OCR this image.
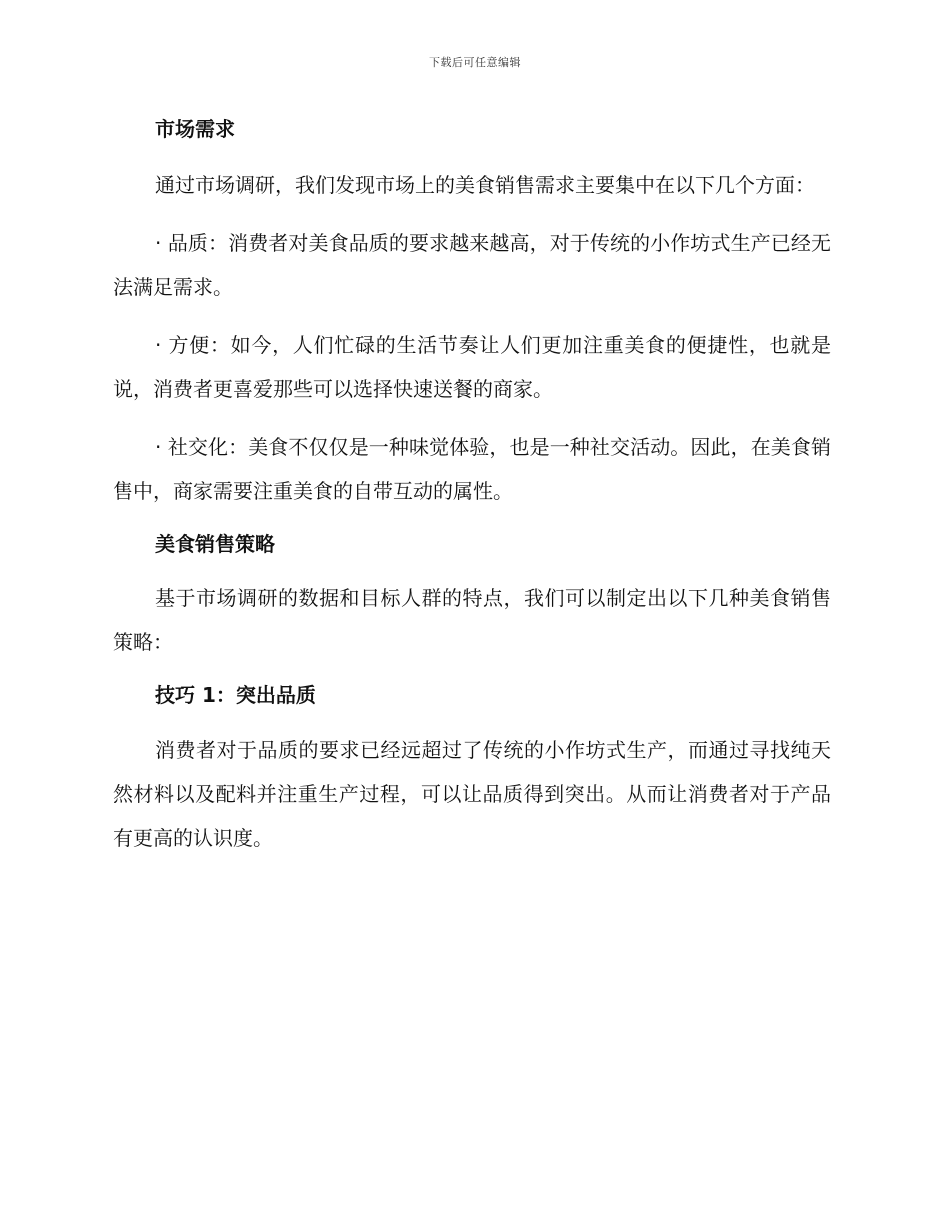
下载后可任意编辑

市场需求

通过市场调研，我们发现市场上的美食销售需求主要集中在以下几个方面：

· 品质：消费者对美食品质的要求越来越高，对于传统的小作坊式生产已经无法满足需求。

· 方便：如今，人们忙碌的生活节奏让人们更加注重美食的便捷性，也就是说，消费者更喜爱那些可以选择快速送餐的商家。

· 社交化：美食不仅仅是一种味觉体验，也是一种社交活动。因此，在美食销售中，商家需要注重美食的自带互动的属性。

美食销售策略

基于市场调研的数据和目标人群的特点，我们可以制定出以下几种美食销售策略：

技巧 1：突出品质

消费者对于品质的要求已经远超过了传统的小作坊式生产，而通过寻找纯天然材料以及配料并注重生产过程，可以让品质得到突出。从而让消费者对于产品有更高的认识度。
